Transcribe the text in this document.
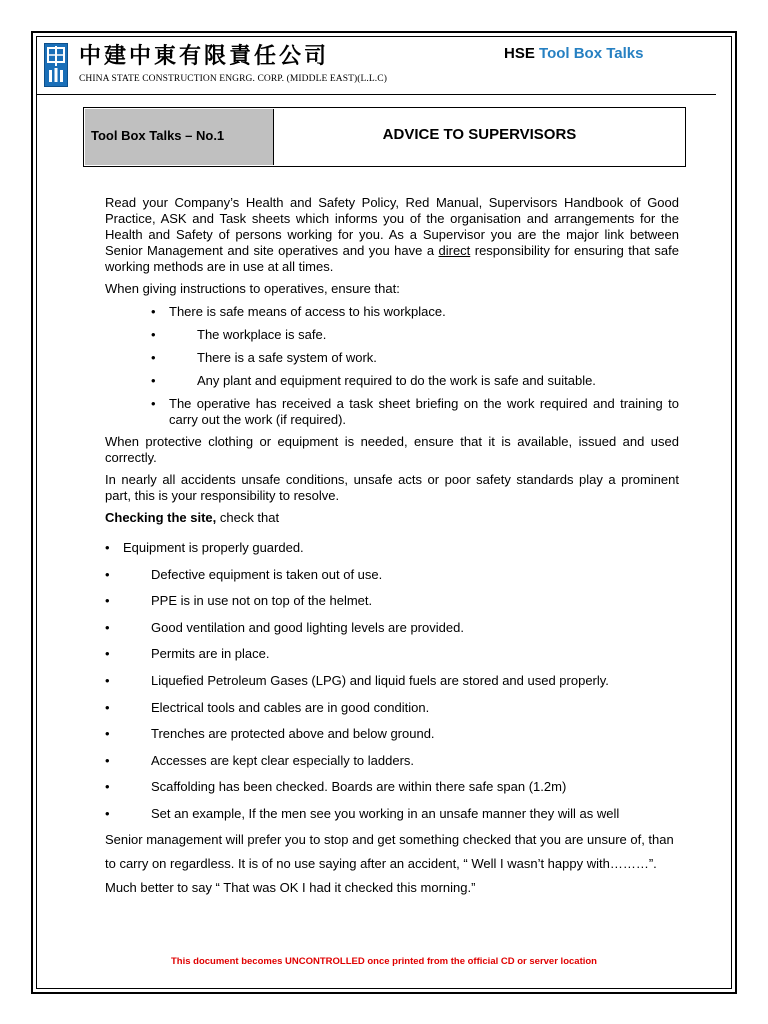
中建中東有限責任公司
CHINA STATE CONSTRUCTION ENGRG. CORP. (MIDDLE EAST)(L.L.C)
HSE Tool Box Talks
Tool Box Talks – No.1	ADVICE TO SUPERVISORS

Read your Company’s Health and Safety Policy, Red Manual, Supervisors Handbook of Good Practice, ASK and Task sheets which informs you of the organisation and arrangements for the Health and Safety of persons working for you. As a Supervisor you are the major link between Senior Management and site operatives and you have a direct responsibility for ensuring that safe working methods are in use at all times.

When giving instructions to operatives, ensure that:

• There is safe means of access to his workplace.
•	The workplace is safe.
•	There is a safe system of work.
•	Any plant and equipment required to do the work is safe and suitable.
• The operative has received a task sheet briefing on the work required and training to carry out the work (if required).

When protective clothing or equipment is needed, ensure that it is available, issued and used correctly.

In nearly all accidents unsafe conditions, unsafe acts or poor safety standards play a prominent part, this is your responsibility to resolve.

Checking the site, check that

• Equipment is properly guarded.
•	Defective equipment is taken out of use.
•	PPE is in use not on top of the helmet.
•	Good ventilation and good lighting levels are provided.
•	Permits are in place.
•	Liquefied Petroleum Gases (LPG) and liquid fuels are stored and used properly.
•	Electrical tools and cables are in good condition.
•	Trenches are protected above and below ground.
•	Accesses are kept clear especially to ladders.
•	Scaffolding has been checked. Boards are within there safe span (1.2m)
•	Set an example, If the men see you working in an unsafe manner they will as well

Senior management will prefer you to stop and get something checked that you are unsure of, than to carry on regardless. It is of no use saying after an accident, “ Well I wasn’t happy with………”. Much better to say “ That was OK I had it checked this morning.”

This document becomes UNCONTROLLED once printed from the official CD or server location
